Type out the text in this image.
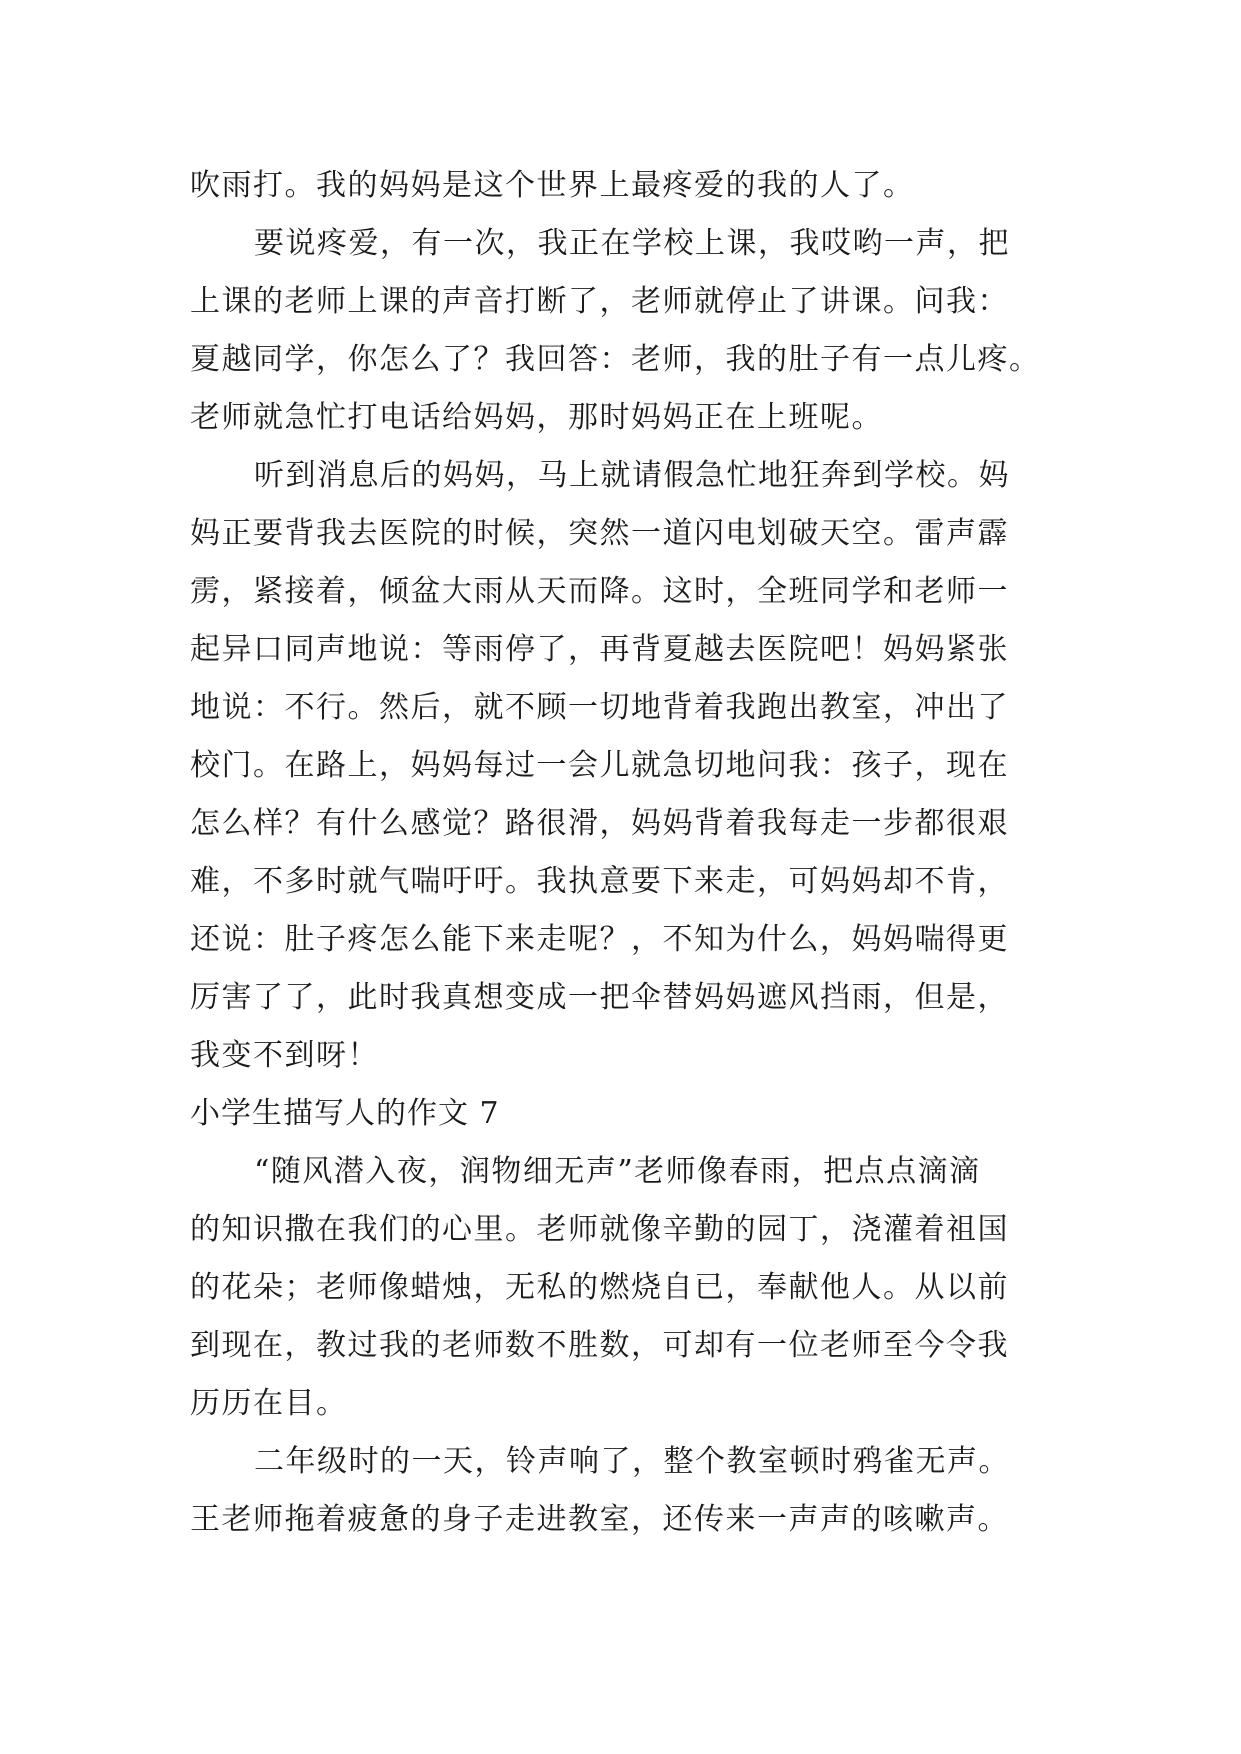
吹雨打。我的妈妈是这个世界上最疼爱的我的人了。
要说疼爱，有一次，我正在学校上课，我哎哟一声，把
上课的老师上课的声音打断了，老师就停止了讲课。问我：
夏越同学，你怎么了？我回答：老师，我的肚子有一点儿疼。
老师就急忙打电话给妈妈，那时妈妈正在上班呢。
听到消息后的妈妈，马上就请假急忙地狂奔到学校。妈
妈正要背我去医院的时候，突然一道闪电划破天空。雷声霹
雳，紧接着，倾盆大雨从天而降。这时，全班同学和老师一
起异口同声地说：等雨停了，再背夏越去医院吧！妈妈紧张
地说：不行。然后，就不顾一切地背着我跑出教室，冲出了
校门。在路上，妈妈每过一会儿就急切地问我：孩子，现在
怎么样？有什么感觉？路很滑，妈妈背着我每走一步都很艰
难，不多时就气喘吁吁。我执意要下来走，可妈妈却不肯，
还说：肚子疼怎么能下来走呢？，不知为什么，妈妈喘得更
厉害了了，此时我真想变成一把伞替妈妈遮风挡雨，但是，
我变不到呀！
小学生描写人的作文 7
“随风潜入夜，润物细无声”老师像春雨，把点点滴滴
的知识撒在我们的心里。老师就像辛勤的园丁，浇灌着祖国
的花朵；老师像蜡烛，无私的燃烧自已，奉献他人。从以前
到现在，教过我的老师数不胜数，可却有一位老师至今令我
历历在目。
二年级时的一天，铃声响了，整个教室顿时鸦雀无声。
王老师拖着疲惫的身子走进教室，还传来一声声的咳嗽声。
